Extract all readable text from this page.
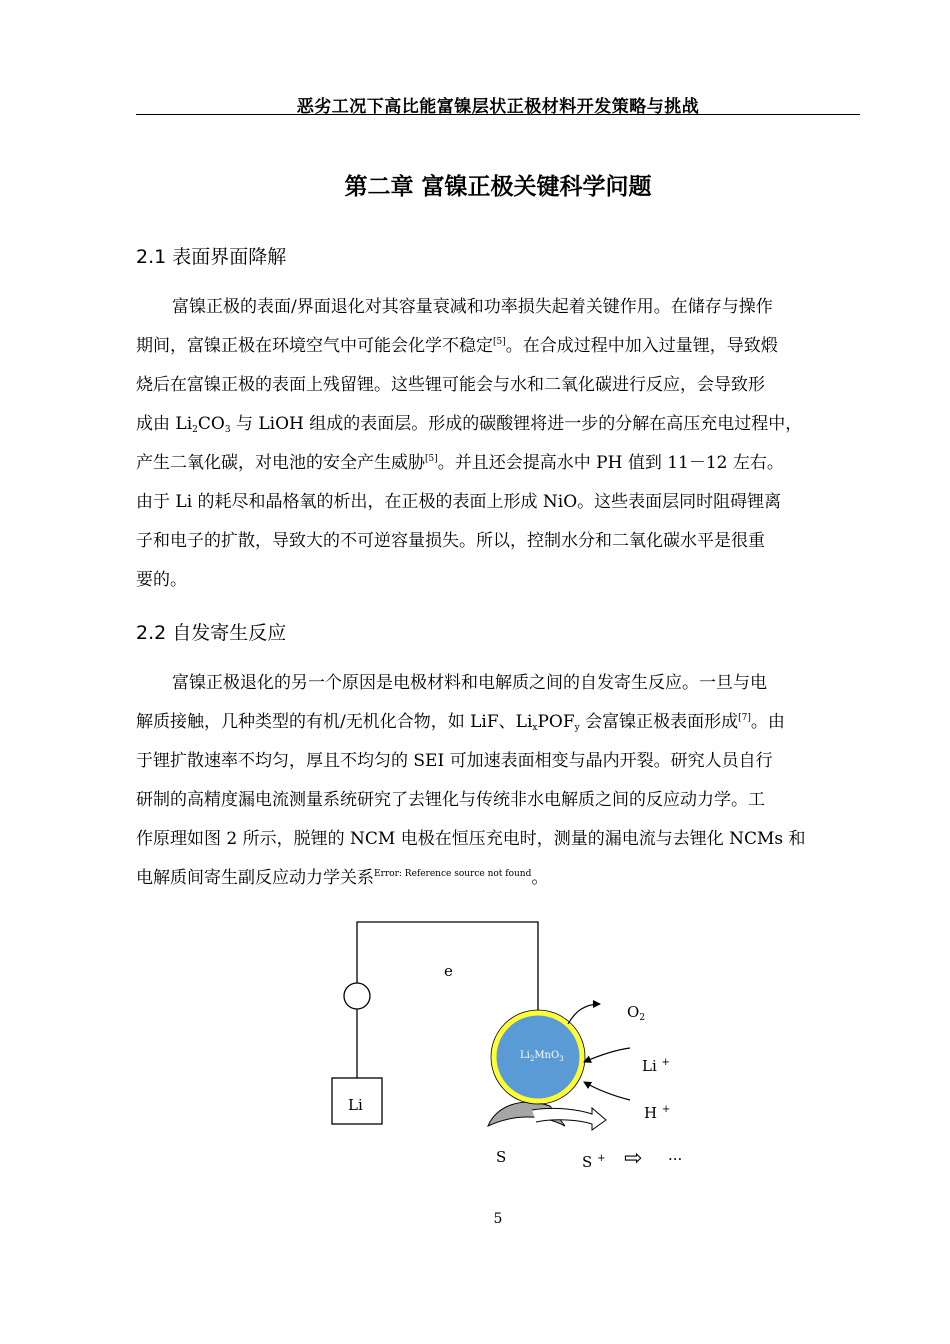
恶劣工况下高比能富镍层状正极材料开发策略与挑战
第二章 富镍正极关键科学问题
2.1 表面界面降解
富镍正极的表面/界面退化对其容量衰减和功率损失起着关键作用。在储存与操作
期间，富镍正极在环境空气中可能会化学不稳定[5]。在合成过程中加入过量锂，导致煅
烧后在富镍正极的表面上残留锂。这些锂可能会与水和二氧化碳进行反应，会导致形
成由 $Li_2CO_3$ 与 LiOH 组成的表面层。形成的碳酸锂将进一步的分解在高压充电过程中，
产生二氧化碳，对电池的安全产生威胁[5]。并且还会提高水中 PH 值到 11－12 左右。
由于 Li 的耗尽和晶格氧的析出，在正极的表面上形成 NiO。这些表面层同时阻碍锂离
子和电子的扩散，导致大的不可逆容量损失。所以，控制水分和二氧化碳水平是很重
要的。
2.2 自发寄生反应
富镍正极退化的另一个原因是电极材料和电解质之间的自发寄生反应。一旦与电
解质接触，几种类型的有机/无机化合物，如 LiF、$Li_xPOF_y$ 会富镍正极表面形成[7]。由
于锂扩散速率不均匀，厚且不均匀的 SEI 可加速表面相变与晶内开裂。研究人员自行
研制的高精度漏电流测量系统研究了去锂化与传统非水电解质之间的反应动力学。工
作原理如图 2 所示，脱锂的 NCM 电极在恒压充电时，测量的漏电流与去锂化 NCMs 和
电解质间寄生副反应动力学关系$^{Error: Reference source not found}$。
e
Li
$Li_2MnO_3$
$O_2$
Li +
H +
S	S + ⇨ ···
5
